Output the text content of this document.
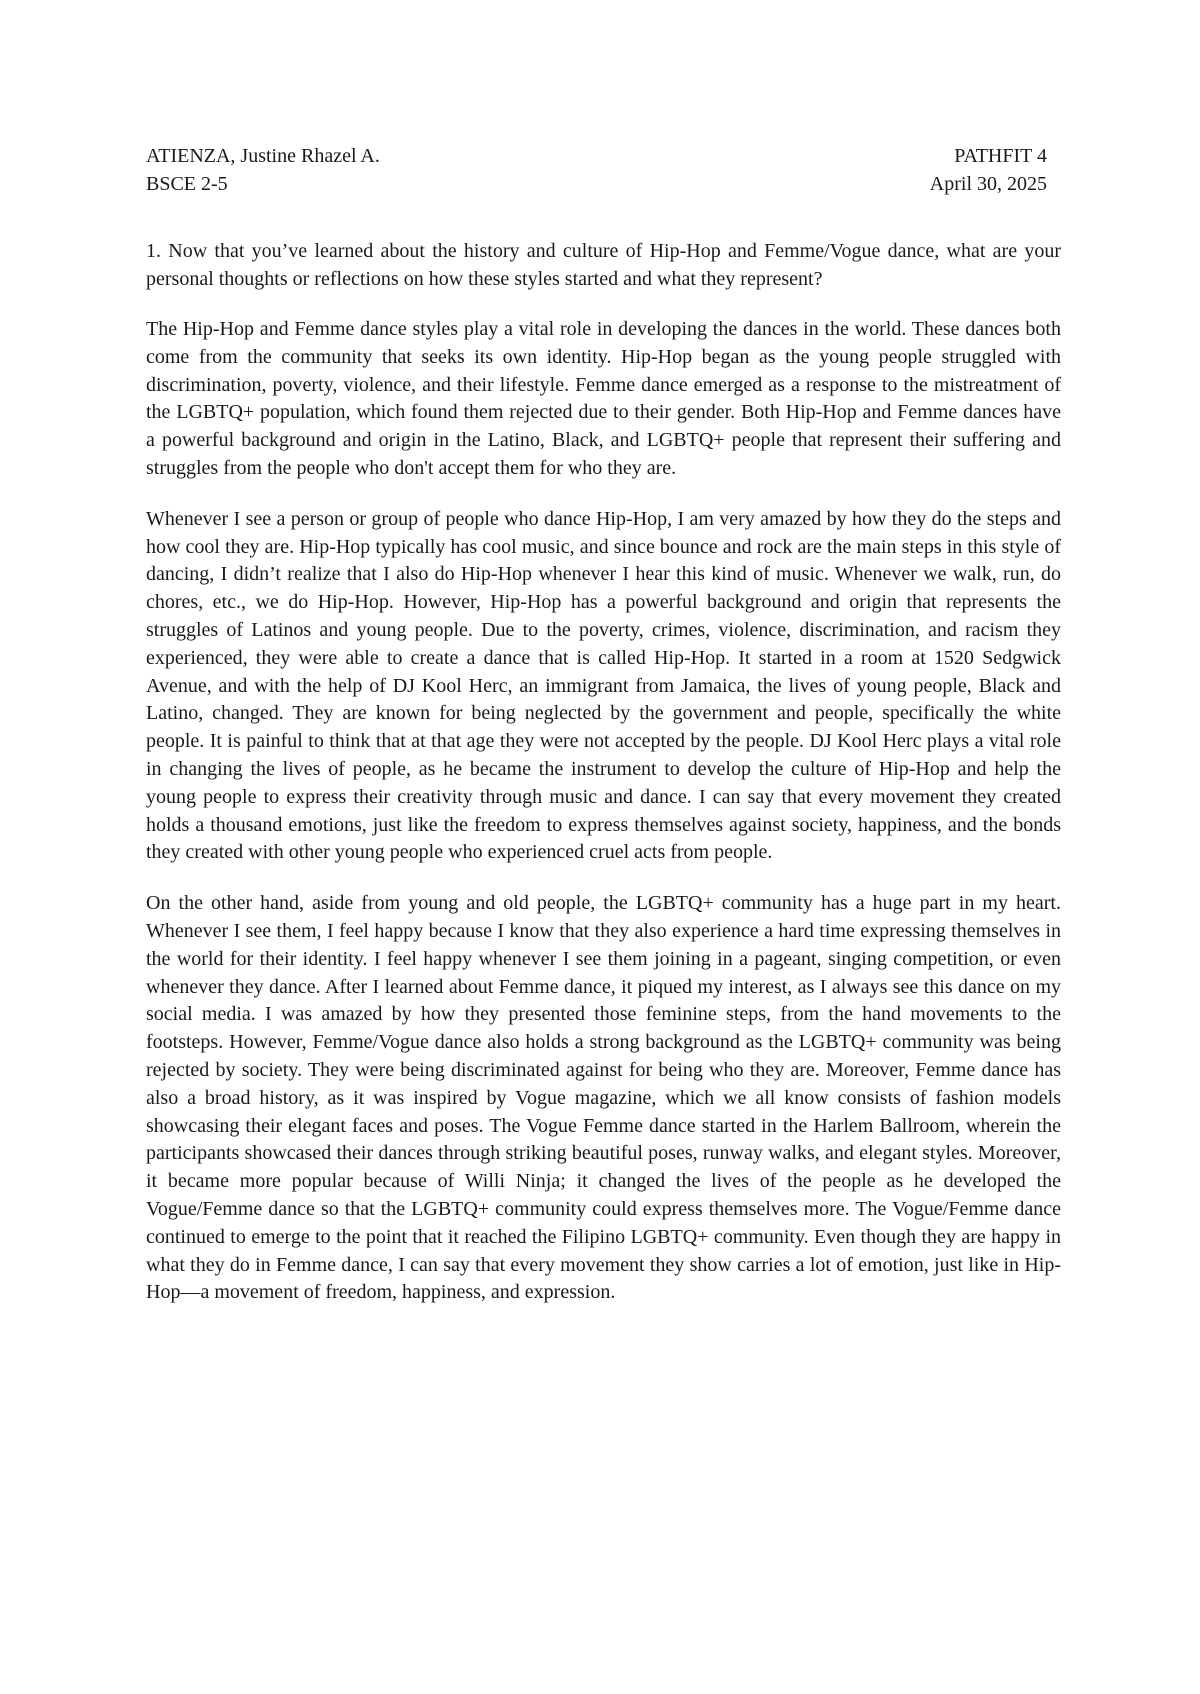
ATIENZA, Justine Rhazel A.
BSCE 2-5
PATHFIT 4
April 30, 2025

1. Now that you’ve learned about the history and culture of Hip-Hop and Femme/Vogue dance, what are your personal thoughts or reflections on how these styles started and what they represent?

The Hip-Hop and Femme dance styles play a vital role in developing the dances in the world. These dances both come from the community that seeks its own identity. Hip-Hop began as the young people struggled with discrimination, poverty, violence, and their lifestyle. Femme dance emerged as a response to the mistreatment of the LGBTQ+ population, which found them rejected due to their gender. Both Hip-Hop and Femme dances have a powerful background and origin in the Latino, Black, and LGBTQ+ people that represent their suffering and struggles from the people who don't accept them for who they are.

Whenever I see a person or group of people who dance Hip-Hop, I am very amazed by how they do the steps and how cool they are. Hip-Hop typically has cool music, and since bounce and rock are the main steps in this style of dancing, I didn’t realize that I also do Hip-Hop whenever I hear this kind of music. Whenever we walk, run, do chores, etc., we do Hip-Hop. However, Hip-Hop has a powerful background and origin that represents the struggles of Latinos and young people. Due to the poverty, crimes, violence, discrimination, and racism they experienced, they were able to create a dance that is called Hip-Hop. It started in a room at 1520 Sedgwick Avenue, and with the help of DJ Kool Herc, an immigrant from Jamaica, the lives of young people, Black and Latino, changed. They are known for being neglected by the government and people, specifically the white people. It is painful to think that at that age they were not accepted by the people. DJ Kool Herc plays a vital role in changing the lives of people, as he became the instrument to develop the culture of Hip-Hop and help the young people to express their creativity through music and dance. I can say that every movement they created holds a thousand emotions, just like the freedom to express themselves against society, happiness, and the bonds they created with other young people who experienced cruel acts from people.

On the other hand, aside from young and old people, the LGBTQ+ community has a huge part in my heart. Whenever I see them, I feel happy because I know that they also experience a hard time expressing themselves in the world for their identity. I feel happy whenever I see them joining in a pageant, singing competition, or even whenever they dance. After I learned about Femme dance, it piqued my interest, as I always see this dance on my social media. I was amazed by how they presented those feminine steps, from the hand movements to the footsteps. However, Femme/Vogue dance also holds a strong background as the LGBTQ+ community was being rejected by society. They were being discriminated against for being who they are. Moreover, Femme dance has also a broad history, as it was inspired by Vogue magazine, which we all know consists of fashion models showcasing their elegant faces and poses. The Vogue Femme dance started in the Harlem Ballroom, wherein the participants showcased their dances through striking beautiful poses, runway walks, and elegant styles. Moreover, it became more popular because of Willi Ninja; it changed the lives of the people as he developed the Vogue/Femme dance so that the LGBTQ+ community could express themselves more. The Vogue/Femme dance continued to emerge to the point that it reached the Filipino LGBTQ+ community. Even though they are happy in what they do in Femme dance, I can say that every movement they show carries a lot of emotion, just like in Hip-Hop—a movement of freedom, happiness, and expression.
